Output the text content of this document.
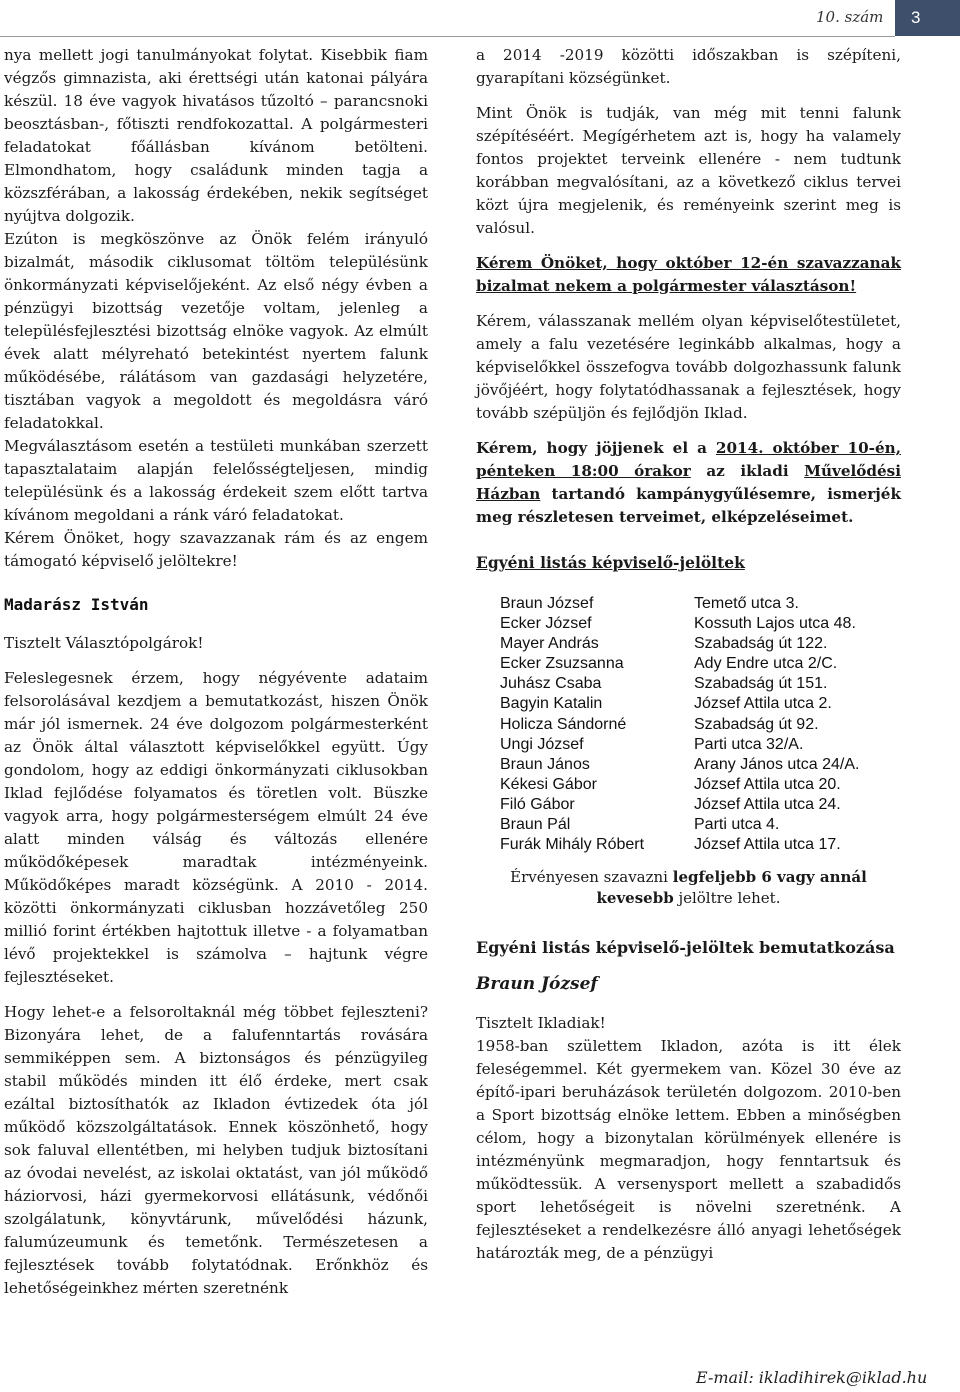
10. szám	3

nya mellett jogi tanulmányokat folytat. Kisebbik fiam végzős gimnazista, aki érettségi után katonai pályára készül. 18 éve vagyok hivatásos tűzoltó – parancsnoki beosztásban-, főtiszti rendfokozattal. A polgármesteri feladatokat főállásban kívánom betölteni. Elmondhatom, hogy családunk minden tagja a közszférában, a lakosság érdekében, nekik segítséget nyújtva dolgozik.

Ezúton is megköszönve az Önök felém irányuló bizalmát, második ciklusomat töltöm településünk önkormányzati képviselőjeként. Az első négy évben a pénzügyi bizottság vezetője voltam, jelenleg a településfejlesztési bizottság elnöke vagyok. Az elmúlt évek alatt mélyreható betekintést nyertem falunk működésébe, rálátásom van gazdasági helyzetére, tisztában vagyok a megoldott és megoldásra váró feladatokkal.

Megválasztásom esetén a testületi munkában szerzett tapasztalataim alapján felelősségteljesen, mindig településünk és a lakosság érdekeit szem előtt tartva kívánom megoldani a ránk váró feladatokat.

Kérem Önöket, hogy szavazzanak rám és az engem támogató képviselő jelöltekre!

Madarász István

Tisztelt Választópolgárok!

Feleslegesnek érzem, hogy négyévente adataim felsorolásával kezdjem a bemutatkozást, hiszen Önök már jól ismernek. 24 éve dolgozom polgármesterként az Önök által választott képviselőkkel együtt. Úgy gondolom, hogy az eddigi önkormányzati ciklusokban Iklad fejlődése folyamatos és töretlen volt. Büszke vagyok arra, hogy polgármesterségem elmúlt 24 éve alatt minden válság és változás ellenére működőképesek maradtak intézményeink. Működőképes maradt községünk. A 2010 - 2014. közötti önkormányzati ciklusban hozzávetőleg 250 millió forint értékben hajtottuk illetve - a folyamatban lévő projektekkel is számolva – hajtunk végre fejlesztéseket.

Hogy lehet-e a felsoroltaknál még többet fejleszteni? Bizonyára lehet, de a falufenntartás rovására semmiképpen sem. A biztonságos és pénzügyileg stabil működés minden itt élő érdeke, mert csak ezáltal biztosíthatók az Ikladon évtizedek óta jól működő közszolgáltatások. Ennek köszönhető, hogy sok faluval ellentétben, mi helyben tudjuk biztosítani az óvodai nevelést, az iskolai oktatást, van jól működő háziorvosi, házi gyermekorvosi ellátásunk, védőnői szolgálatunk, könyvtárunk, művelődési házunk, falumúzeumunk és temetőnk. Természetesen a fejlesztések tovább folytatódnak. Erőnkhöz és lehetőségeinkhez mérten szeretnénk

a 2014 -2019 közötti időszakban is szépíteni, gyarapítani községünket.

Mint Önök is tudják, van még mit tenni falunk szépítéséért. Megígérhetem azt is, hogy ha valamely fontos projektet terveink ellenére - nem tudtunk korábban megvalósítani, az a következő ciklus tervei közt újra megjelenik, és reményeink szerint meg is valósul.

Kérem Önöket, hogy október 12-én szavazzanak bizalmat nekem a polgármester választáson!

Kérem, válasszanak mellém olyan képviselőtestületet, amely a falu vezetésére leginkább alkalmas, hogy a képviselőkkel összefogva tovább dolgozhassunk falunk jövőjéért, hogy folytatódhassanak a fejlesztések, hogy tovább szépüljön és fejlődjön Iklad.

Kérem, hogy jöjjenek el a 2014. október 10-én, pénteken 18:00 órakor az ikladi Művelődési Házban tartandó kampánygyűlésemre, ismerjék meg részletesen terveimet, elképzeléseimet.

Egyéni listás képviselő-jelöltek
Braun József	Temető utca 3.
Ecker József	Kossuth Lajos utca 48.
Mayer András	Szabadság út 122.
Ecker Zsuzsanna	Ady Endre utca 2/C.
Juhász Csaba	Szabadság út 151.
Bagyin Katalin	József Attila utca 2.
Holicza Sándorné	Szabadság út 92.
Ungi József	Parti utca 32/A.
Braun János	Arany János utca 24/A.
Kékesi Gábor	József Attila utca 20.
Filó Gábor	József Attila utca 24.
Braun Pál	Parti utca 4.
Furák Mihály Róbert	József Attila utca 17.
Érvényesen szavazni legfeljebb 6 vagy annál kevesebb jelöltre lehet.
Egyéni listás képviselő-jelöltek bemutatkozása
Braun József
Tisztelt Ikladiak!

1958-ban születtem Ikladon, azóta is itt élek feleségemmel. Két gyermekem van. Közel 30 éve az építő-ipari beruházások területén dolgozom. 2010-ben a Sport bizottság elnöke lettem. Ebben a minőségben célom, hogy a bizonytalan körülmények ellenére is intézményünk megmaradjon, hogy fenntartsuk és működtessük. A versenysport mellett a szabadidős sport lehetőségeit is növelni szeretnénk. A fejlesztéseket a rendelkezésre álló anyagi lehetőségek határozták meg, de a pénzügyi

E-mail: ikladihirek@iklad.hu
